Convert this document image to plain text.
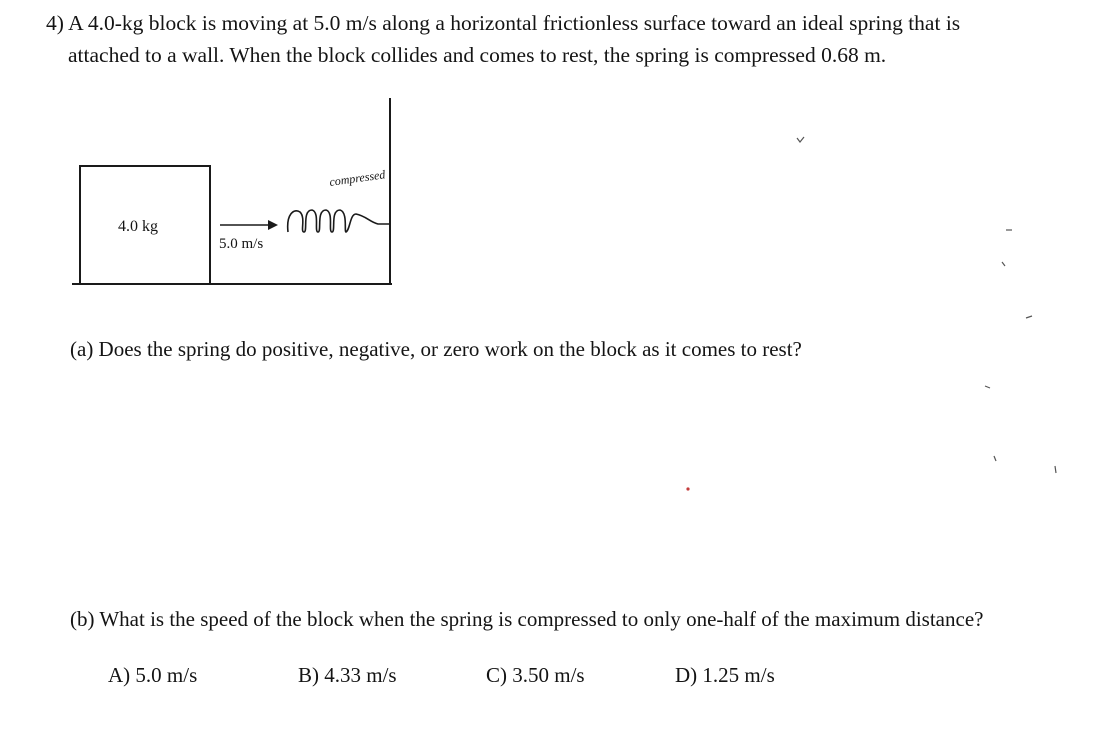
4) A 4.0-kg block is moving at 5.0 m/s along a horizontal frictionless surface toward an ideal spring that is
attached to a wall. When the block collides and comes to rest, the spring is compressed 0.68 m.
4.0 kg
5.0 m/s
compressed
(a) Does the spring do positive, negative, or zero work on the block as it comes to rest?
(b) What is the speed of the block when the spring is compressed to only one-half of the maximum distance?
A) 5.0 m/s	B) 4.33 m/s	C) 3.50 m/s	D) 1.25 m/s
